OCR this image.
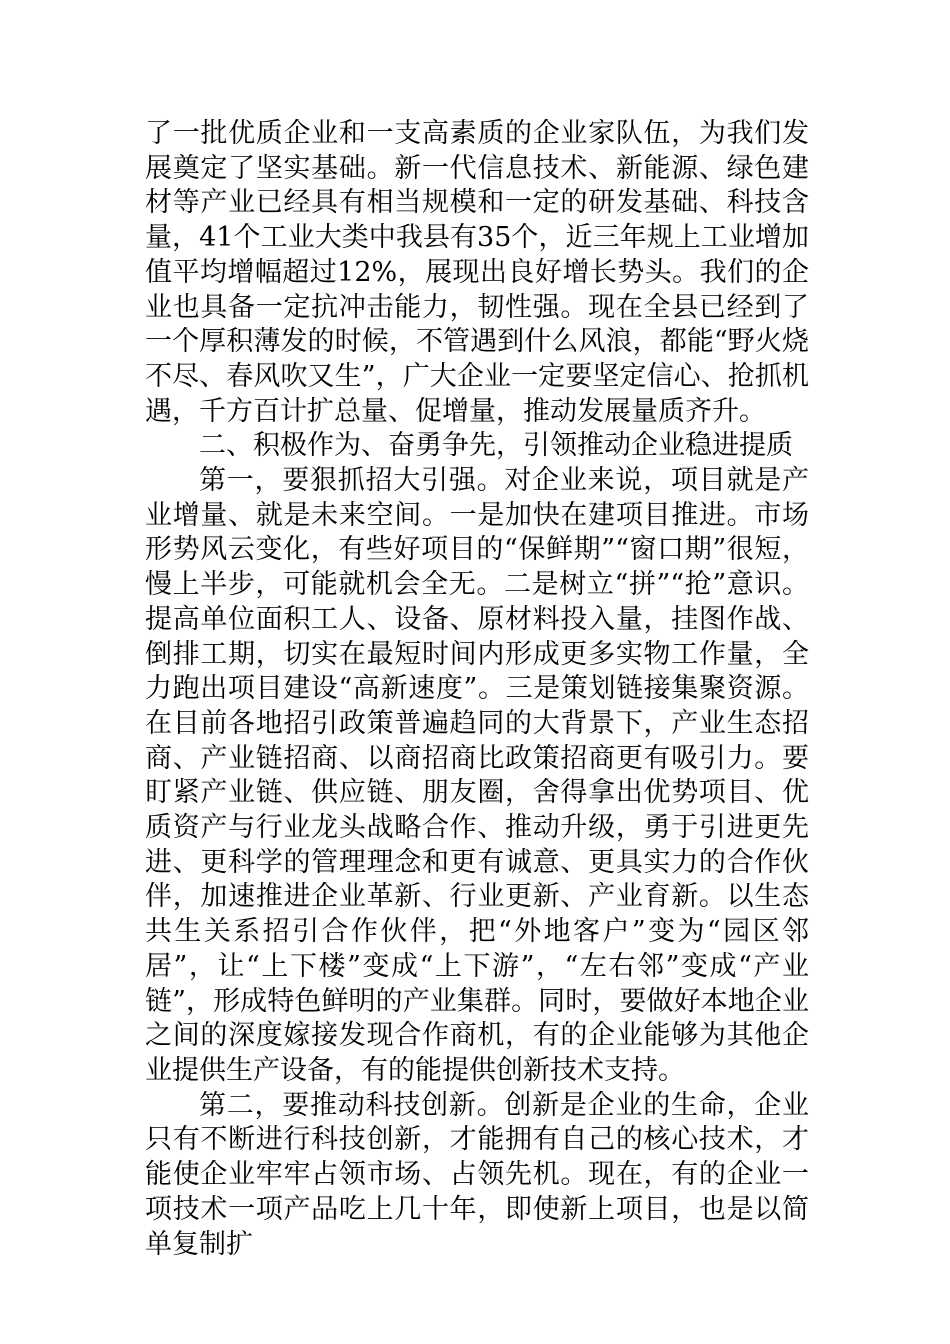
了一批优质企业和一支高素质的企业家队伍，为我们发展奠定了坚实基础。新一代信息技术、新能源、绿色建材等产业已经具有相当规模和一定的研发基础、科技含量，41个工业大类中我县有35个，近三年规上工业增加值平均增幅超过12%，展现出良好增长势头。我们的企业也具备一定抗冲击能力，韧性强。现在全县已经到了一个厚积薄发的时候，不管遇到什么风浪，都能“野火烧不尽、春风吹又生”，广大企业一定要坚定信心、抢抓机遇，千方百计扩总量、促增量，推动发展量质齐升。

二、积极作为、奋勇争先，引领推动企业稳进提质

第一，要狠抓招大引强。对企业来说，项目就是产业增量、就是未来空间。一是加快在建项目推进。市场形势风云变化，有些好项目的“保鲜期”“窗口期”很短，慢上半步，可能就机会全无。二是树立“拼”“抢”意识。提高单位面积工人、设备、原材料投入量，挂图作战、倒排工期，切实在最短时间内形成更多实物工作量，全力跑出项目建设“高新速度”。三是策划链接集聚资源。在目前各地招引政策普遍趋同的大背景下，产业生态招商、产业链招商、以商招商比政策招商更有吸引力。要盯紧产业链、供应链、朋友圈，舍得拿出优势项目、优质资产与行业龙头战略合作、推动升级，勇于引进更先进、更科学的管理理念和更有诚意、更具实力的合作伙伴，加速推进企业革新、行业更新、产业育新。以生态共生关系招引合作伙伴，把“外地客户”变为“园区邻居”，让“上下楼”变成“上下游”，“左右邻”变成“产业链”，形成特色鲜明的产业集群。同时，要做好本地企业之间的深度嫁接发现合作商机，有的企业能够为其他企业提供生产设备，有的能提供创新技术支持。

第二，要推动科技创新。创新是企业的生命，企业只有不断进行科技创新，才能拥有自己的核心技术，才能使企业牢牢占领市场、占领先机。现在，有的企业一项技术一项产品吃上几十年，即使新上项目，也是以简单复制扩
